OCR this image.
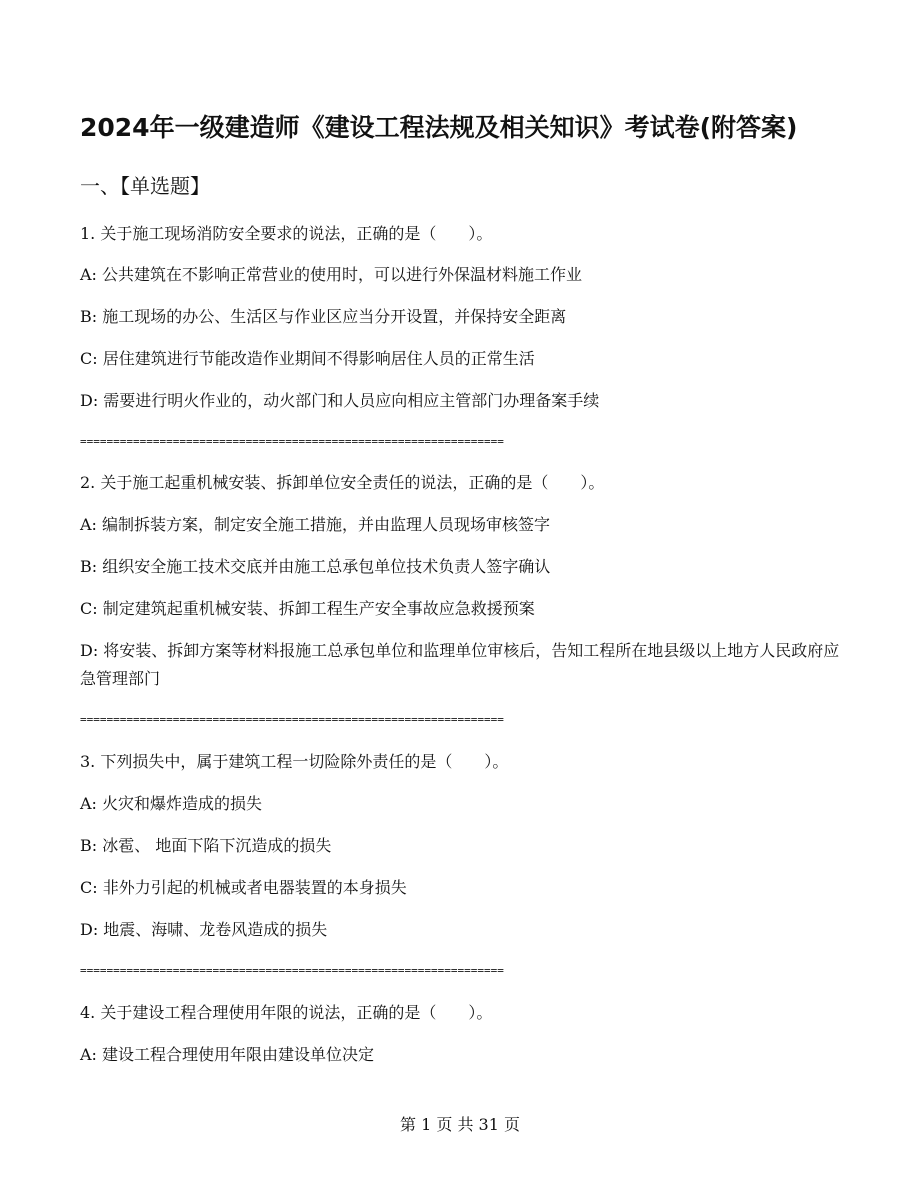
2024年一级建造师《建设工程法规及相关知识》考试卷(附答案)
一、【单选题】
1. 关于施工现场消防安全要求的说法，正确的是（　　）。
A: 公共建筑在不影响正常营业的使用时，可以进行外保温材料施工作业
B: 施工现场的办公、生活区与作业区应当分开设置，并保持安全距离
C: 居住建筑进行节能改造作业期间不得影响居住人员的正常生活
D: 需要进行明火作业的，动火部门和人员应向相应主管部门办理备案手续
================================================================
2. 关于施工起重机械安装、拆卸单位安全责任的说法，正确的是（　　）。
A: 编制拆装方案，制定安全施工措施，并由监理人员现场审核签字
B: 组织安全施工技术交底并由施工总承包单位技术负责人签字确认
C: 制定建筑起重机械安装、拆卸工程生产安全事故应急救援预案
D: 将安装、拆卸方案等材料报施工总承包单位和监理单位审核后，告知工程所在地县级以上地方人民政府应急管理部门
================================================================
3. 下列损失中，属于建筑工程一切险除外责任的是（　　）。
A: 火灾和爆炸造成的损失
B: 冰雹、 地面下陷下沉造成的损失
C: 非外力引起的机械或者电器装置的本身损失
D: 地震、海啸、龙卷风造成的损失
================================================================
4. 关于建设工程合理使用年限的说法，正确的是（　　）。
A: 建设工程合理使用年限由建设单位决定
第 1 页 共 31 页
